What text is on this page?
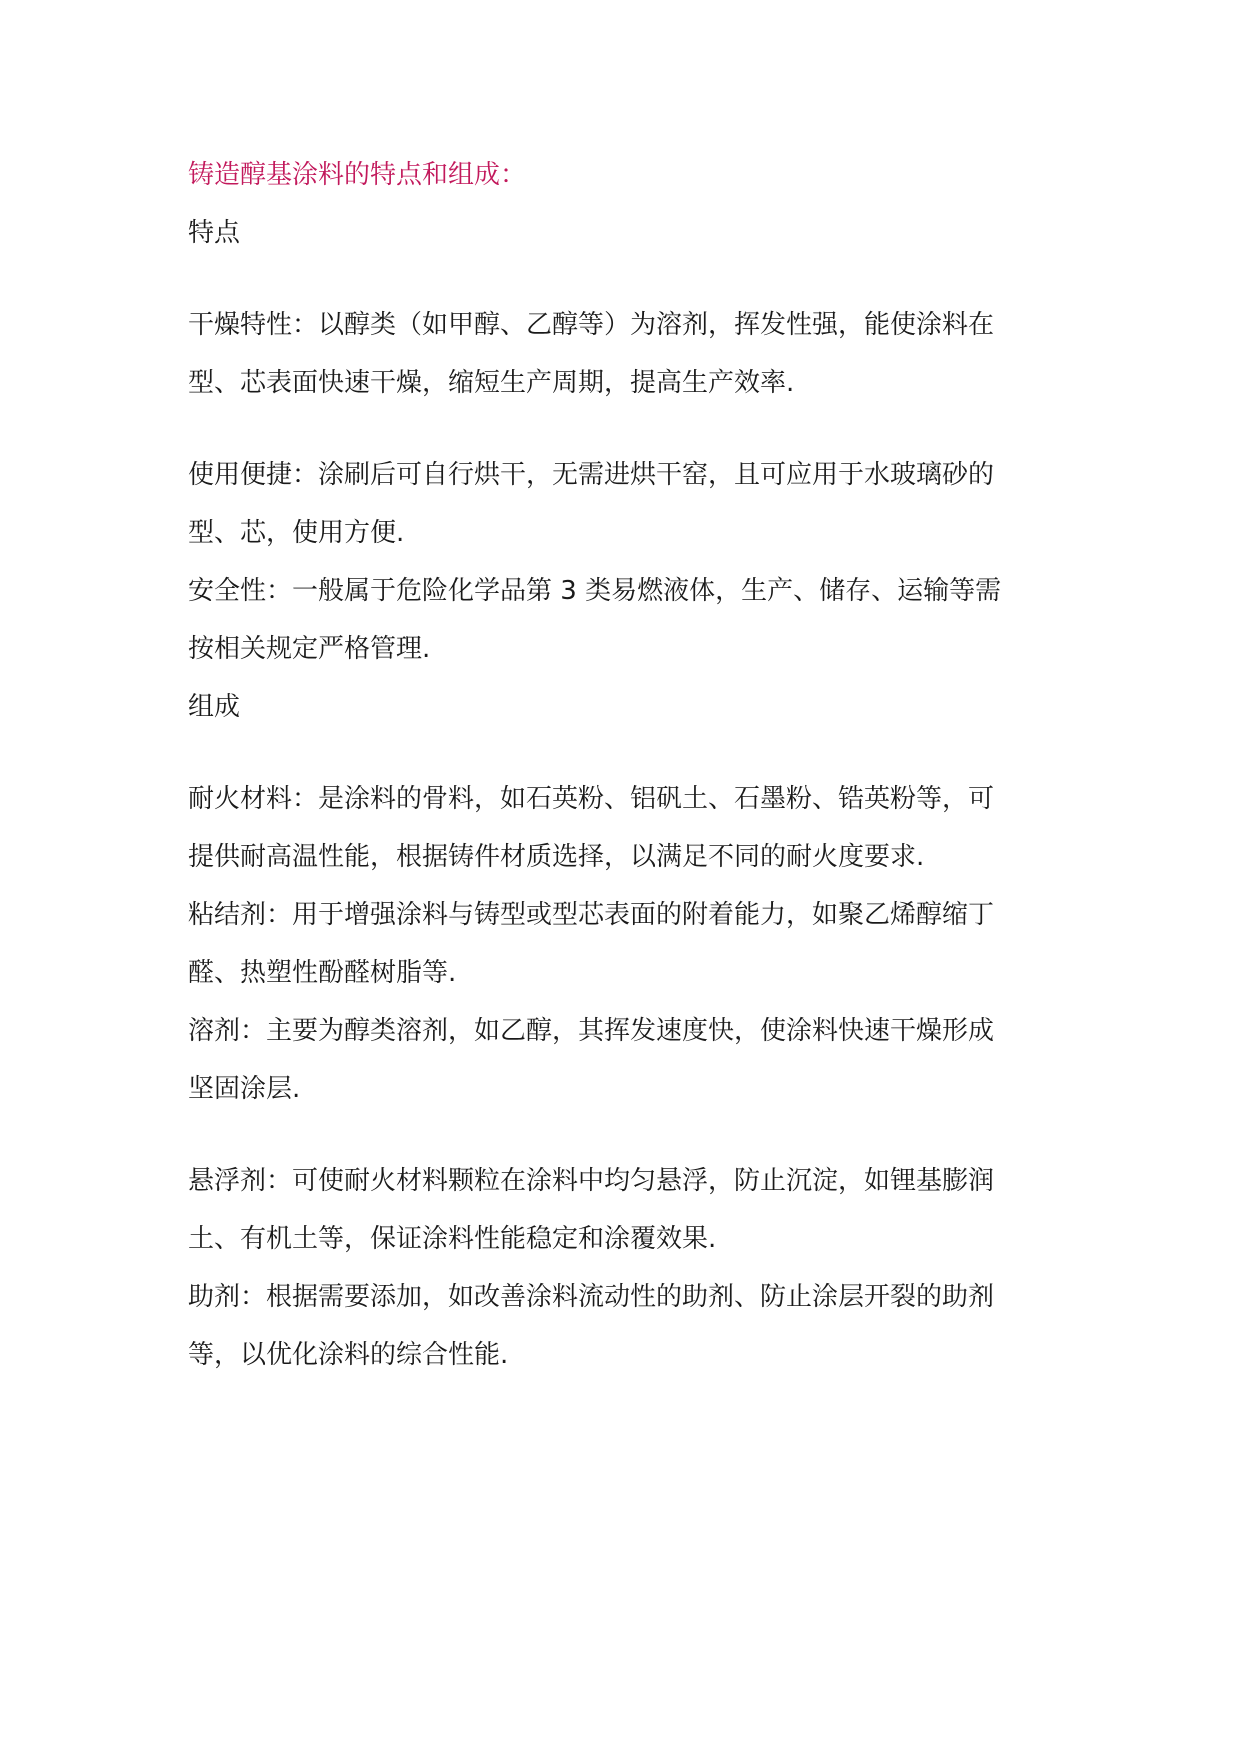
铸造醇基涂料的特点和组成：
特点
干燥特性：以醇类（如甲醇、乙醇等）为溶剂，挥发性强，能使涂料在
型、芯表面快速干燥，缩短生产周期，提高生产效率.
使用便捷：涂刷后可自行烘干，无需进烘干窑，且可应用于水玻璃砂的
型、芯，使用方便.
安全性：一般属于危险化学品第 3 类易燃液体，生产、储存、运输等需
按相关规定严格管理.
组成
耐火材料：是涂料的骨料，如石英粉、铝矾土、石墨粉、锆英粉等，可
提供耐高温性能，根据铸件材质选择，以满足不同的耐火度要求.
粘结剂：用于增强涂料与铸型或型芯表面的附着能力，如聚乙烯醇缩丁
醛、热塑性酚醛树脂等.
溶剂：主要为醇类溶剂，如乙醇，其挥发速度快，使涂料快速干燥形成
坚固涂层.
悬浮剂：可使耐火材料颗粒在涂料中均匀悬浮，防止沉淀，如锂基膨润
土、有机土等，保证涂料性能稳定和涂覆效果.
助剂：根据需要添加，如改善涂料流动性的助剂、防止涂层开裂的助剂
等，以优化涂料的综合性能.
